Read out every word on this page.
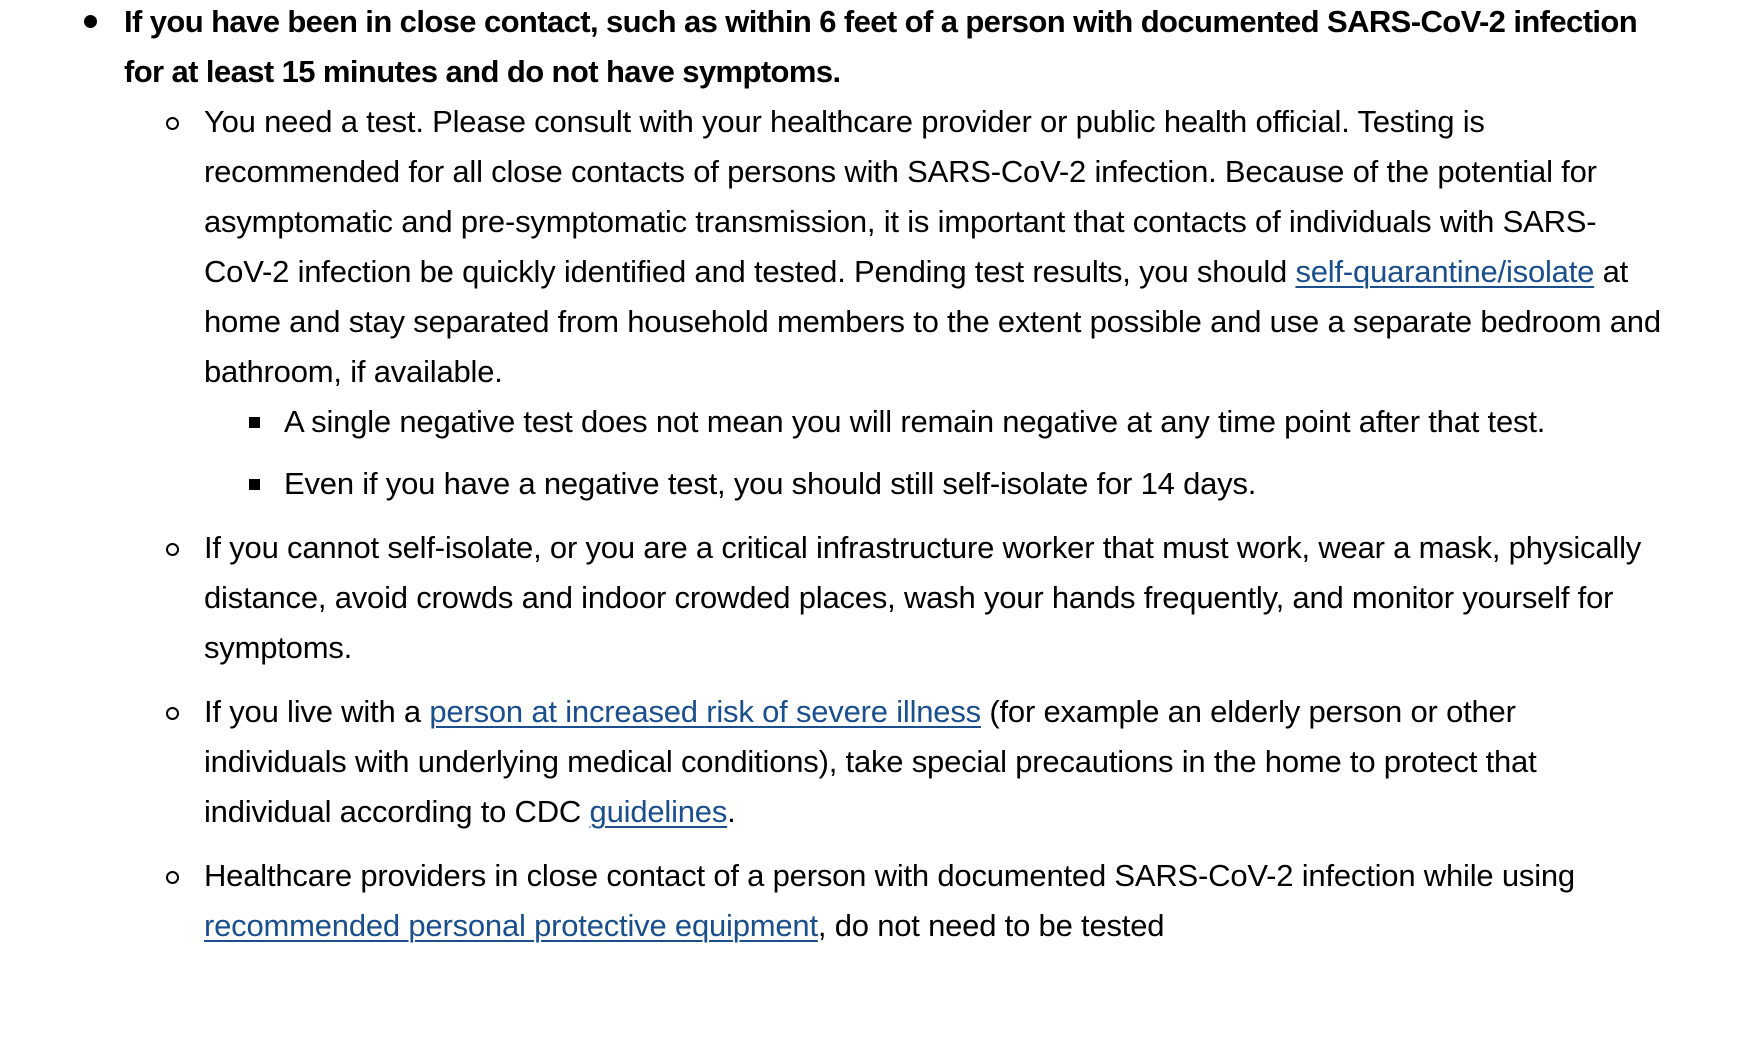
If you have been in close contact, such as within 6 feet of a person with documented SARS-CoV-2 infection for at least 15 minutes and do not have symptoms.
You need a test. Please consult with your healthcare provider or public health official. Testing is recommended for all close contacts of persons with SARS-CoV-2 infection. Because of the potential for asymptomatic and pre-symptomatic transmission, it is important that contacts of individuals with SARS-CoV-2 infection be quickly identified and tested. Pending test results, you should self-quarantine/isolate at home and stay separated from household members to the extent possible and use a separate bedroom and bathroom, if available.
A single negative test does not mean you will remain negative at any time point after that test.
Even if you have a negative test, you should still self-isolate for 14 days.
If you cannot self-isolate, or you are a critical infrastructure worker that must work, wear a mask, physically distance, avoid crowds and indoor crowded places, wash your hands frequently, and monitor yourself for symptoms.
If you live with a person at increased risk of severe illness (for example an elderly person or other individuals with underlying medical conditions), take special precautions in the home to protect that individual according to CDC guidelines.
Healthcare providers in close contact of a person with documented SARS-CoV-2 infection while using recommended personal protective equipment, do not need to be tested
